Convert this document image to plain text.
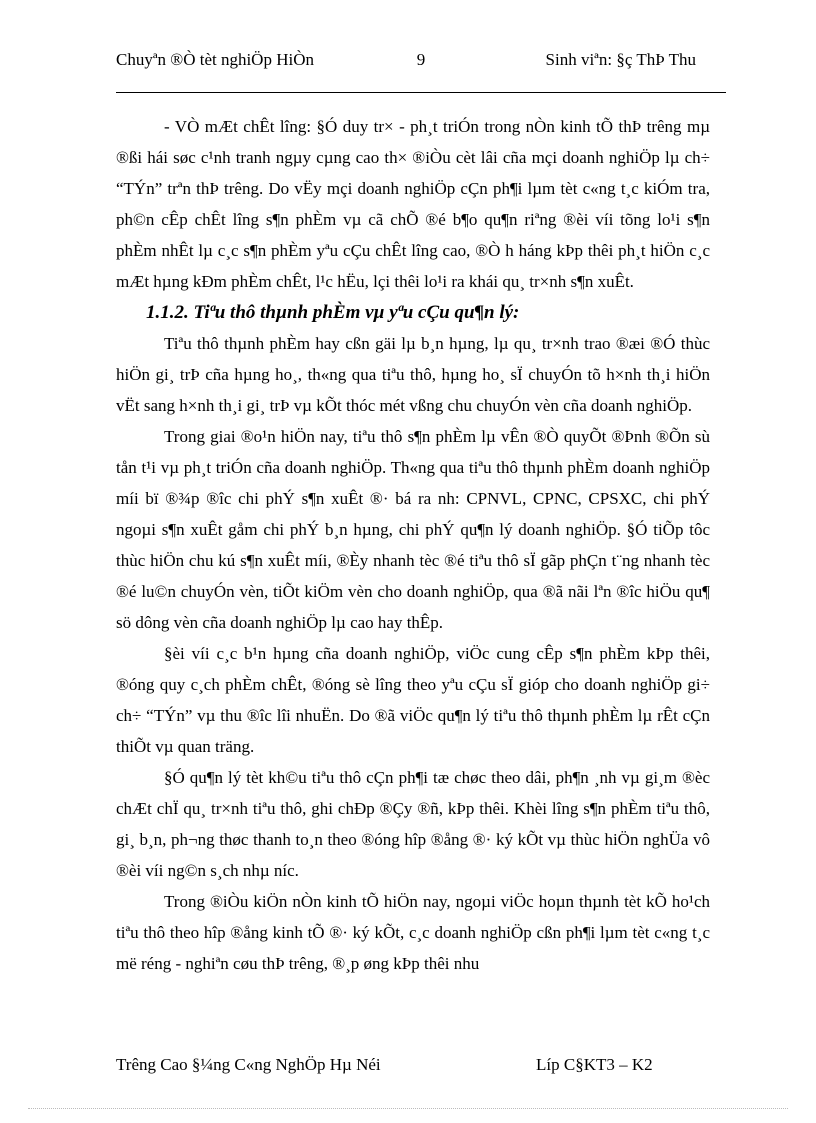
Chuyªn ®Ò tèt nghiÖp HiÒn	9	Sinh viªn: §ç ThÞ Thu

- VÒ mÆt chÊt lîng: §Ó duy tr× - ph¸t triÓn trong nÒn kinh tÕ thÞ trêng mµ ®ßi hái søc c¹nh tranh ngµy cµng cao th× ®iÒu cèt lâi cña mçi doanh nghiÖp lµ ch÷ “TÝn” trªn thÞ trêng. Do vËy mçi doanh nghiÖp cÇn ph¶i lµm tèt c«ng t¸c kiÓm tra, ph©n cÊp chÊt lîng s¶n phÈm vµ cã chÕ ®é b¶o qu¶n riªng ®èi víi tõng lo¹i s¶n phÈm nhÊt lµ c¸c s¶n phÈm yªu cÇu chÊt lîng cao, ®Ò h háng kÞp thêi ph¸t hiÖn c¸c mÆt hµng kÐm phÈm chÊt, l¹c hËu, lçi thêi lo¹i ra khái qu¸ tr×nh s¶n xuÊt.

1.1.2. Tiªu thô thµnh phÈm vµ yªu cÇu qu¶n lý:

Tiªu thô thµnh phÈm hay cßn gäi lµ b¸n hµng, lµ qu¸ tr×nh trao ®æi ®Ó thùc hiÖn gi¸ trÞ cña hµng ho¸, th«ng qua tiªu thô, hµng ho¸ sÏ chuyÓn tõ h×nh th¸i hiÖn vËt sang h×nh th¸i gi¸ trÞ vµ kÕt thóc mét vßng chu chuyÓn vèn cña doanh nghiÖp.

Trong giai ®o¹n hiÖn nay, tiªu thô s¶n phÈm lµ vÊn ®Ò quyÕt ®Þnh ®Õn sù tån t¹i vµ ph¸t triÓn cña doanh nghiÖp. Th«ng qua tiªu thô thµnh phÈm doanh nghiÖp míi bï ®¾p ®îc chi phÝ s¶n xuÊt ®· bá ra nh: CPNVL, CPNC, CPSXC, chi phÝ ngoµi s¶n xuÊt gåm chi phÝ b¸n hµng, chi phÝ qu¶n lý doanh nghiÖp. §Ó tiÕp tôc thùc hiÖn chu kú s¶n xuÊt míi, ®Èy nhanh tèc ®é tiªu thô sÏ gãp phÇn t¨ng nhanh tèc ®é lu©n chuyÓn vèn, tiÕt kiÖm vèn cho doanh nghiÖp, qua ®ã nãi lªn ®îc hiÖu qu¶ sö dông vèn cña doanh nghiÖp lµ cao hay thÊp.

§èi víi c¸c b¹n hµng cña doanh nghiÖp, viÖc cung cÊp s¶n phÈm kÞp thêi, ®óng quy c¸ch phÈm chÊt, ®óng sè lîng theo yªu cÇu sÏ gióp cho doanh nghiÖp gi÷ ch÷ “TÝn” vµ thu ®îc lîi nhuËn. Do ®ã viÖc qu¶n lý tiªu thô thµnh phÈm lµ rÊt cÇn thiÕt vµ quan träng.

§Ó qu¶n lý tèt kh©u tiªu thô cÇn ph¶i tæ chøc theo dâi, ph¶n ¸nh vµ gi¸m ®èc chÆt chÏ qu¸ tr×nh tiªu thô, ghi chÐp ®Çy ®ñ, kÞp thêi. Khèi lîng s¶n phÈm tiªu thô, gi¸ b¸n, ph¬ng thøc thanh to¸n theo ®óng hîp ®ång ®· ký kÕt vµ thùc hiÖn nghÜa vô ®èi víi ng©n s¸ch nhµ níc.

Trong ®iÒu kiÖn nÒn kinh tÕ hiÖn nay, ngoµi viÖc hoµn thµnh tèt kÕ ho¹ch tiªu thô theo hîp ®ång kinh tÕ ®· ký kÕt, c¸c doanh nghiÖp cßn ph¶i lµm tèt c«ng t¸c më réng - nghiªn cøu thÞ trêng, ®¸p øng kÞp thêi nhu

Trêng Cao §¼ng C«ng NghÖp Hµ Néi	Líp C§KT3 – K2
